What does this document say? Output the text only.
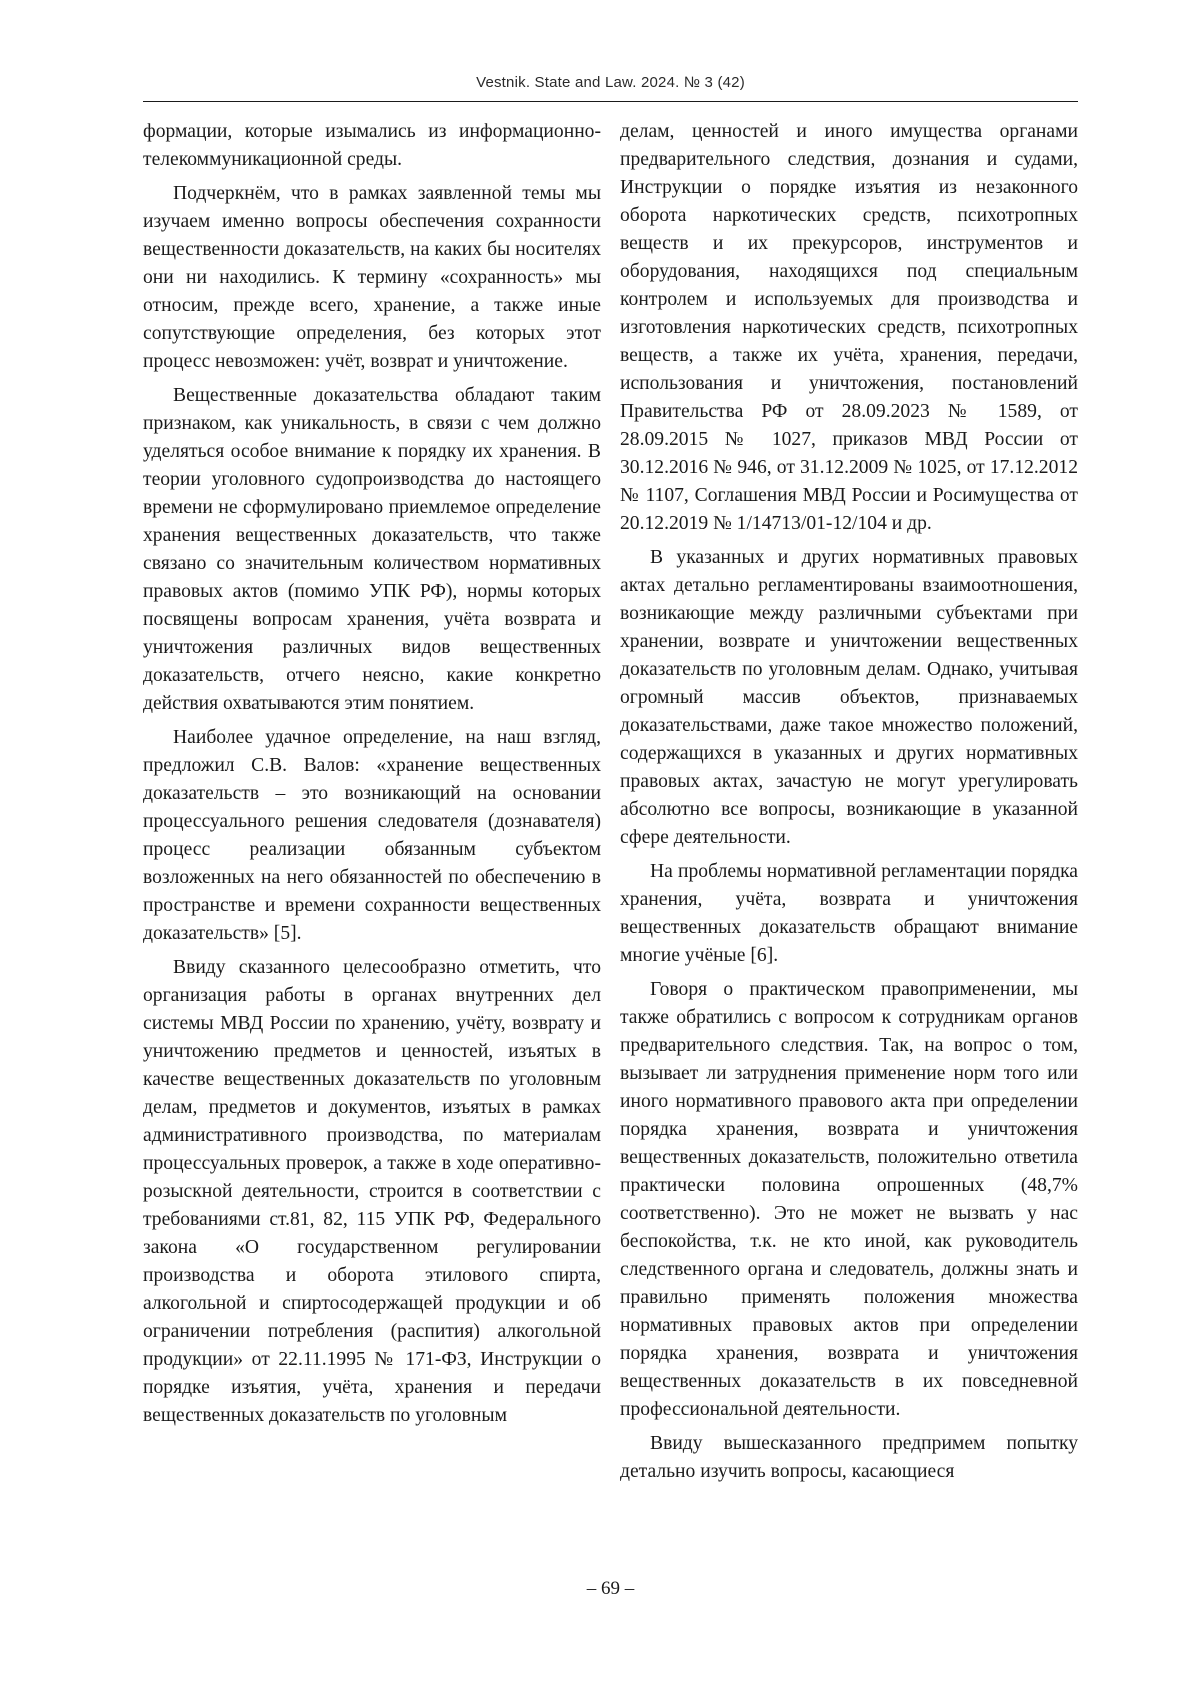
Vestnik. State and Law. 2024. № 3 (42)

формации, которые изымались из информационно-телекоммуникационной среды.

Подчеркнём, что в рамках заявленной темы мы изучаем именно вопросы обеспечения сохранности вещественности доказательств, на каких бы носителях они ни находились. К термину «сохранность» мы относим, прежде всего, хранение, а также иные сопутствующие определения, без которых этот процесс невозможен: учёт, возврат и уничтожение.

Вещественные доказательства обладают таким признаком, как уникальность, в связи с чем должно уделяться особое внимание к порядку их хранения. В теории уголовного судопроизводства до настоящего времени не сформулировано приемлемое определение хранения вещественных доказательств, что также связано со значительным количеством нормативных правовых актов (помимо УПК РФ), нормы которых посвящены вопросам хранения, учёта возврата и уничтожения различных видов вещественных доказательств, отчего неясно, какие конкретно действия охватываются этим понятием.

Наиболее удачное определение, на наш взгляд, предложил С.В. Валов: «хранение вещественных доказательств – это возникающий на основании процессуального решения следователя (дознавателя) процесс реализации обязанным субъектом возложенных на него обязанностей по обеспечению в пространстве и времени сохранности вещественных доказательств» [5].

Ввиду сказанного целесообразно отметить, что организация работы в органах внутренних дел системы МВД России по хранению, учёту, возврату и уничтожению предметов и ценностей, изъятых в качестве вещественных доказательств по уголовным делам, предметов и документов, изъятых в рамках административного производства, по материалам процессуальных проверок, а также в ходе оперативно-розыскной деятельности, строится в соответствии с требованиями ст.81, 82, 115 УПК РФ, Федерального закона «О государственном регулировании производства и оборота этилового спирта, алкогольной и спиртосодержащей продукции и об ограничении потребления (распития) алкогольной продукции» от 22.11.1995 № 171-ФЗ, Инструкции о порядке изъятия, учёта, хранения и передачи вещественных доказательств по уголовным

делам, ценностей и иного имущества органами предварительного следствия, дознания и судами, Инструкции о порядке изъятия из незаконного оборота наркотических средств, психотропных веществ и их прекурсоров, инструментов и оборудования, находящихся под специальным контролем и используемых для производства и изготовления наркотических средств, психотропных веществ, а также их учёта, хранения, передачи, использования и уничтожения, постановлений Правительства РФ от 28.09.2023 № 1589, от 28.09.2015 № 1027, приказов МВД России от 30.12.2016 № 946, от 31.12.2009 № 1025, от 17.12.2012 № 1107, Соглашения МВД России и Росимущества от 20.12.2019 № 1/14713/01-12/104 и др.

В указанных и других нормативных правовых актах детально регламентированы взаимоотношения, возникающие между различными субъектами при хранении, возврате и уничтожении вещественных доказательств по уголовным делам. Однако, учитывая огромный массив объектов, признаваемых доказательствами, даже такое множество положений, содержащихся в указанных и других нормативных правовых актах, зачастую не могут урегулировать абсолютно все вопросы, возникающие в указанной сфере деятельности.

На проблемы нормативной регламентации порядка хранения, учёта, возврата и уничтожения вещественных доказательств обращают внимание многие учёные [6].

Говоря о практическом правоприменении, мы также обратились с вопросом к сотрудникам органов предварительного следствия. Так, на вопрос о том, вызывает ли затруднения применение норм того или иного нормативного правового акта при определении порядка хранения, возврата и уничтожения вещественных доказательств, положительно ответила практически половина опрошенных (48,7% соответственно). Это не может не вызвать у нас беспокойства, т.к. не кто иной, как руководитель следственного органа и следователь, должны знать и правильно применять положения множества нормативных правовых актов при определении порядка хранения, возврата и уничтожения вещественных доказательств в их повседневной профессиональной деятельности.

Ввиду вышесказанного предпримем попытку детально изучить вопросы, касающиеся

– 69 –
